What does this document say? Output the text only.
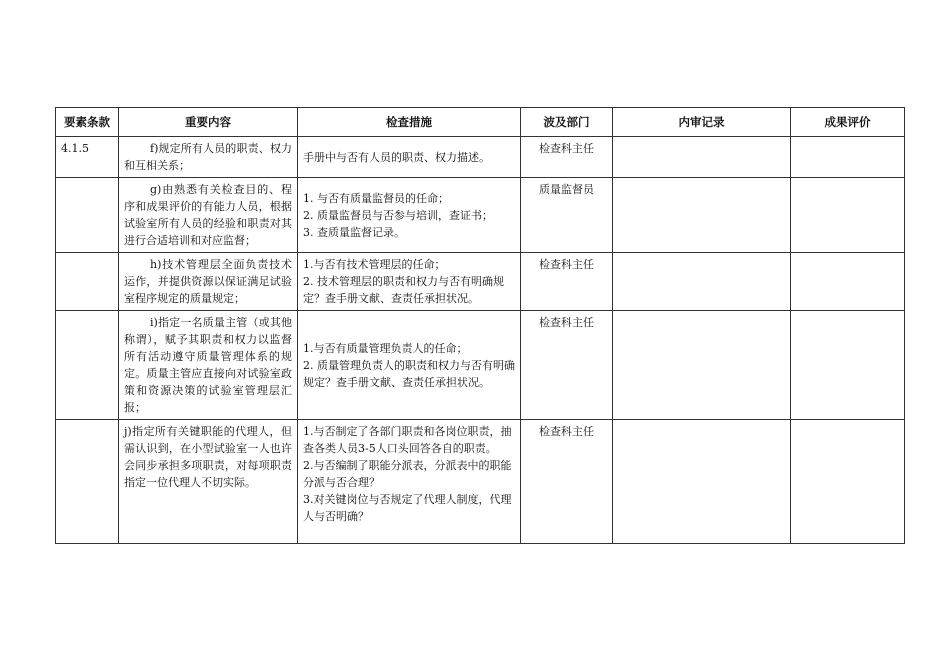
要素条款	重要内容	检查措施	波及部门	内审记录	成果评价
4.1.5	f)规定所有人员的职责、权力和互相关系；	手册中与否有人员的职责、权力描述。	检查科主任		
	g)由熟悉有关检查目的、程序和成果评价的有能力人员，根据试验室所有人员的经验和职责对其进行合适培训和对应监督；	1. 与否有质量监督员的任命；
2. 质量监督员与否参与培训，查证书；
3. 查质量监督记录。	质量监督员		
	h)技术管理层全面负责技术运作，并提供资源以保证满足试验室程序规定的质量规定；	1.与否有技术管理层的任命；
2. 技术管理层的职责和权力与否有明确规定？查手册文献、查责任承担状况。	检查科主任		
	i)指定一名质量主管（或其他称谓），赋予其职责和权力以监督所有活动遵守质量管理体系的规定。质量主管应直接向对试验室政策和资源决策的试验室管理层汇报；	1.与否有质量管理负责人的任命；
2. 质量管理负责人的职责和权力与否有明确规定？查手册文献、查责任承担状况。	检查科主任		
	j)指定所有关键职能的代理人，但需认识到，在小型试验室一人也许会同步承担多项职责，对每项职责指定一位代理人不切实际。	1.与否制定了各部门职责和各岗位职责，抽查各类人员3-5人口头回答各自的职责。
2.与否编制了职能分派表，分派表中的职能分派与否合理？
3.对关键岗位与否规定了代理人制度，代理人与否明确？	检查科主任		
